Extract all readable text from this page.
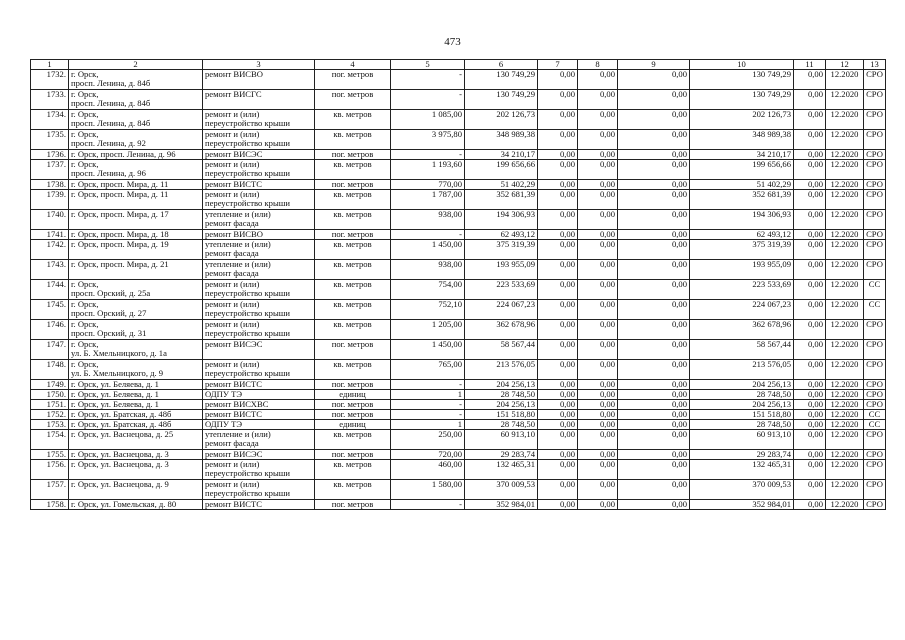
473
1	2	3	4	5	6	7	8	9	10	11	12	13
1732.	г. Орск,
просп. Ленина, д. 84б	ремонт ВИСВО	пог. метров	-	130 749,29	0,00	0,00	0,00	130 749,29	0,00	12.2020	СРО
1733.	г. Орск,
просп. Ленина, д. 84б	ремонт ВИСГС	пог. метров	-	130 749,29	0,00	0,00	0,00	130 749,29	0,00	12.2020	СРО
1734.	г. Орск,
просп. Ленина, д. 84б	ремонт и (или)
переустройство крыши	кв. метров	1 085,00	202 126,73	0,00	0,00	0,00	202 126,73	0,00	12.2020	СРО
1735.	г. Орск,
просп. Ленина, д. 92	ремонт и (или)
переустройство крыши	кв. метров	3 975,80	348 989,38	0,00	0,00	0,00	348 989,38	0,00	12.2020	СРО
1736.	г. Орск, просп. Ленина, д. 96	ремонт ВИСЭС	пог. метров	-	34 210,17	0,00	0,00	0,00	34 210,17	0,00	12.2020	СРО
1737.	г. Орск,
просп. Ленина, д. 96	ремонт и (или)
переустройство крыши	кв. метров	1 193,60	199 656,66	0,00	0,00	0,00	199 656,66	0,00	12.2020	СРО
1738.	г. Орск, просп. Мира, д. 11	ремонт ВИСТС	пог. метров	770,00	51 402,29	0,00	0,00	0,00	51 402,29	0,00	12.2020	СРО
1739.	г. Орск, просп. Мира, д. 11	ремонт и (или)
переустройство крыши	кв. метров	1 787,00	352 681,39	0,00	0,00	0,00	352 681,39	0,00	12.2020	СРО
1740.	г. Орск, просп. Мира, д. 17	утепление и (или)
ремонт фасада	кв. метров	938,00	194 306,93	0,00	0,00	0,00	194 306,93	0,00	12.2020	СРО
1741.	г. Орск, просп. Мира, д. 18	ремонт ВИСВО	пог. метров	-	62 493,12	0,00	0,00	0,00	62 493,12	0,00	12.2020	СРО
1742.	г. Орск, просп. Мира, д. 19	утепление и (или)
ремонт фасада	кв. метров	1 450,00	375 319,39	0,00	0,00	0,00	375 319,39	0,00	12.2020	СРО
1743.	г. Орск, просп. Мира, д. 21	утепление и (или)
ремонт фасада	кв. метров	938,00	193 955,09	0,00	0,00	0,00	193 955,09	0,00	12.2020	СРО
1744.	г. Орск,
просп. Орский, д. 25а	ремонт и (или)
переустройство крыши	кв. метров	754,00	223 533,69	0,00	0,00	0,00	223 533,69	0,00	12.2020	СС
1745.	г. Орск,
просп. Орский, д. 27	ремонт и (или)
переустройство крыши	кв. метров	752,10	224 067,23	0,00	0,00	0,00	224 067,23	0,00	12.2020	СС
1746.	г. Орск,
просп. Орский, д. 31	ремонт и (или)
переустройство крыши	кв. метров	1 205,00	362 678,96	0,00	0,00	0,00	362 678,96	0,00	12.2020	СРО
1747.	г. Орск,
ул. Б. Хмельницкого, д. 1а	ремонт ВИСЭС	пог. метров	1 450,00	58 567,44	0,00	0,00	0,00	58 567,44	0,00	12.2020	СРО
1748.	г. Орск,
ул. Б. Хмельницкого, д. 9	ремонт и (или)
переустройство крыши	кв. метров	765,00	213 576,05	0,00	0,00	0,00	213 576,05	0,00	12.2020	СРО
1749.	г. Орск, ул. Беляева, д. 1	ремонт ВИСТС	пог. метров	-	204 256,13	0,00	0,00	0,00	204 256,13	0,00	12.2020	СРО
1750.	г. Орск, ул. Беляева, д. 1	ОДПУ ТЭ	единиц	1	28 748,50	0,00	0,00	0,00	28 748,50	0,00	12.2020	СРО
1751.	г. Орск, ул. Беляева, д. 1	ремонт ВИСХВС	пог. метров	-	204 256,13	0,00	0,00	0,00	204 256,13	0,00	12.2020	СРО
1752.	г. Орск, ул. Братская, д. 48б	ремонт ВИСТС	пог. метров	-	151 518,80	0,00	0,00	0,00	151 518,80	0,00	12.2020	СС
1753.	г. Орск, ул. Братская, д. 48б	ОДПУ ТЭ	единиц	1	28 748,50	0,00	0,00	0,00	28 748,50	0,00	12.2020	СС
1754.	г. Орск, ул. Васнецова, д. 25	утепление и (или)
ремонт фасада	кв. метров	250,00	60 913,10	0,00	0,00	0,00	60 913,10	0,00	12.2020	СРО
1755.	г. Орск, ул. Васнецова, д. 3	ремонт ВИСЭС	пог. метров	720,00	29 283,74	0,00	0,00	0,00	29 283,74	0,00	12.2020	СРО
1756.	г. Орск, ул. Васнецова, д. 3	ремонт и (или)
переустройство крыши	кв. метров	460,00	132 465,31	0,00	0,00	0,00	132 465,31	0,00	12.2020	СРО
1757.	г. Орск, ул. Васнецова, д. 9	ремонт и (или)
переустройство крыши	кв. метров	1 580,00	370 009,53	0,00	0,00	0,00	370 009,53	0,00	12.2020	СРО
1758.	г. Орск, ул. Гомельская, д. 80	ремонт ВИСТС	пог. метров	-	352 984,01	0,00	0,00	0,00	352 984,01	0,00	12.2020	СРО
